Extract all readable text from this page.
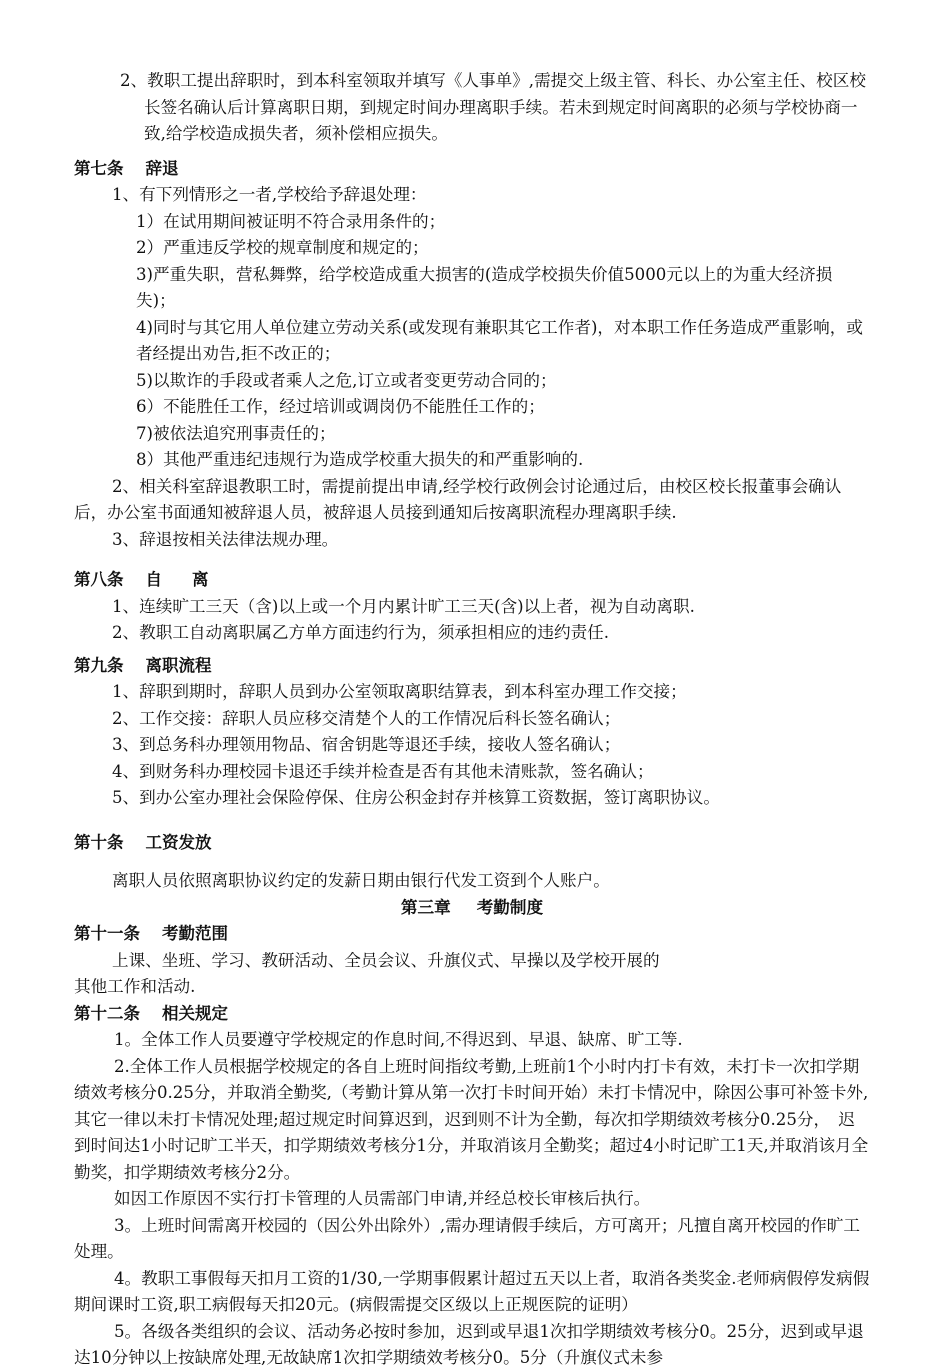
2、教职工提出辞职时，到本科室领取并填写《人事单》,需提交上级主管、科长、办公室主任、校区校长签名确认后计算离职日期，到规定时间办理离职手续。若未到规定时间离职的必须与学校协商一致,给学校造成损失者，须补偿相应损失。

第七条 辞退

1、有下列情形之一者,学校给予辞退处理：

1）在试用期间被证明不符合录用条件的；

2）严重违反学校的规章制度和规定的；

3)严重失职，营私舞弊，给学校造成重大损害的(造成学校损失价值5000元以上的为重大经济损失)；

4)同时与其它用人单位建立劳动关系(或发现有兼职其它工作者)，对本职工作任务造成严重影响，或者经提出劝告,拒不改正的；

5)以欺诈的手段或者乘人之危,订立或者变更劳动合同的；

6）不能胜任工作，经过培训或调岗仍不能胜任工作的；

7)被依法追究刑事责任的；

8）其他严重违纪违规行为造成学校重大损失的和严重影响的.

2、相关科室辞退教职工时，需提前提出申请,经学校行政例会讨论通过后，由校区校长报董事会确认后，办公室书面通知被辞退人员，被辞退人员接到通知后按离职流程办理离职手续.

3、辞退按相关法律法规办理。

第八条 自 离

1、连续旷工三天（含)以上或一个月内累计旷工三天(含)以上者，视为自动离职.

2、教职工自动离职属乙方单方面违约行为，须承担相应的违约责任.

第九条 离职流程

1、辞职到期时，辞职人员到办公室领取离职结算表，到本科室办理工作交接；

2、工作交接：辞职人员应移交清楚个人的工作情况后科长签名确认；

3、到总务科办理领用物品、宿舍钥匙等退还手续，接收人签名确认；

4、到财务科办理校园卡退还手续并检查是否有其他未清账款，签名确认；

5、到办公室办理社会保险停保、住房公积金封存并核算工资数据，签订离职协议。

第十条 工资发放

离职人员依照离职协议约定的发薪日期由银行代发工资到个人账户。

第三章 考勤制度
第十一条 考勤范围

上课、坐班、学习、教研活动、全员会议、升旗仪式、早操以及学校开展的

其他工作和活动.

第十二条 相关规定

1。全体工作人员要遵守学校规定的作息时间,不得迟到、早退、缺席、旷工等.

2.全体工作人员根据学校规定的各自上班时间指纹考勤,上班前1个小时内打卡有效，未打卡一次扣学期绩效考核分0.25分，并取消全勤奖,（考勤计算从第一次打卡时间开始）未打卡情况中，除因公事可补签卡外,其它一律以未打卡情况处理;超过规定时间算迟到，迟到则不计为全勤，每次扣学期绩效考核分0.25分，　迟到时间达1小时记旷工半天，扣学期绩效考核分1分，并取消该月全勤奖；超过4小时记旷工1天,并取消该月全勤奖，扣学期绩效考核分2分。

如因工作原因不实行打卡管理的人员需部门申请,并经总校长审核后执行。

3。上班时间需离开校园的（因公外出除外）,需办理请假手续后，方可离开；凡擅自离开校园的作旷工处理。

4。教职工事假每天扣月工资的1/30,一学期事假累计超过五天以上者，取消各类奖金.老师病假停发病假期间课时工资,职工病假每天扣20元。(病假需提交区级以上正规医院的证明）

5。各级各类组织的会议、活动务必按时参加，迟到或早退1次扣学期绩效考核分0。25分，迟到或早退达10分钟以上按缺席处理,无故缺席1次扣学期绩效考核分0。5分（升旗仪式未参
